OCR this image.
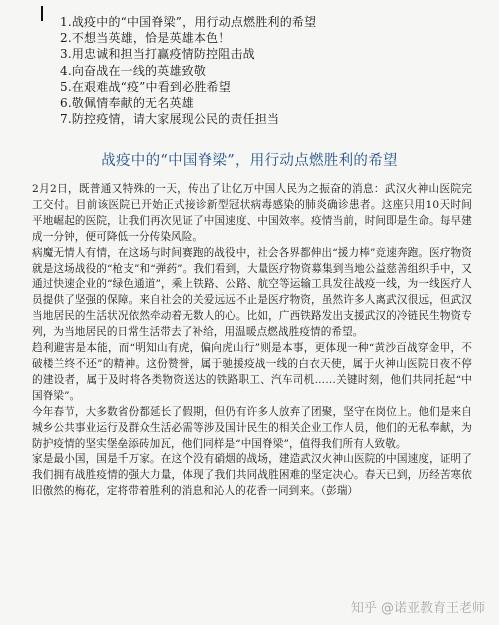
1.战疫中的“中国脊梁”，用行动点燃胜利的希望
2.不想当英雄，恰是英雄本色！
3.用忠诚和担当打赢疫情防控阻击战
4.向奋战在一线的英雄致敬
5.在艰难战“疫”中看到必胜希望
6.敬佩情奉献的无名英雄
7.防控疫情，请大家展现公民的责任担当
战疫中的“中国脊梁”，用行动点燃胜利的希望

2月2日，既普通又特殊的一天，传出了让亿万中国人民为之振奋的消息：武汉火神山医院完工交付。目前该医院已开始正式接诊新型冠状病毒感染的肺炎确诊患者。这座只用10天时间平地崛起的医院，让我们再次见证了中国速度、中国效率。疫情当前，时间即是生命。每早建成一分钟，便可降低一分传染风险。

病魔无情人有情，在这场与时间赛跑的战役中，社会各界都伸出“援力棒”竞速奔跑。医疗物资就是这场战役的“枪支”和“弹药”。我们看到，大量医疗物资募集到当地公益慈善组织手中，又通过快速企业的“绿色通道”，乘上铁路、公路、航空等运输工具发往战疫一线，为一线医疗人员提供了坚强的保障。来自社会的关爱远远不止是医疗物资，虽然许多人离武汉很远，但武汉当地居民的生活状况依然牵动着无数人的心。比如，广西铁路发出支援武汉的冷链民生物资专列，为当地居民的日常生活带去了补给，用温暖点燃战胜疫情的希望。

趋利避害是本能，而“明知山有虎，偏向虎山行”则是本事，更体现一种“黄沙百战穿金甲，不破楼兰终不还”的精神。这份赞誉，属于驰援疫战一线的白衣天使，属于火神山医院日夜不停的建设者，属于及时将各类物资送达的铁路职工、汽车司机……关键时刻，他们共同托起“中国脊梁”。

今年春节，大多数省份都延长了假期，但仍有许多人放弃了团聚，坚守在岗位上。他们是来自城乡公共事业运行及群众生活必需等涉及国计民生的相关企业工作人员，他们的无私奉献，为防护疫情的坚实堡垒添砖加瓦，他们同样是“中国脊梁”，值得我们所有人致敬。

家是最小国，国是千万家。在这个没有硝烟的战场，建造武汉火神山医院的中国速度，证明了我们拥有战胜疫情的强大力量，体现了我们共同战胜困难的坚定决心。春天已到，历经苦寒依旧傲然的梅花，定将带着胜利的消息和沁人的花香一同到来。（彭瑞）

知乎 @诺亚教育王老师
